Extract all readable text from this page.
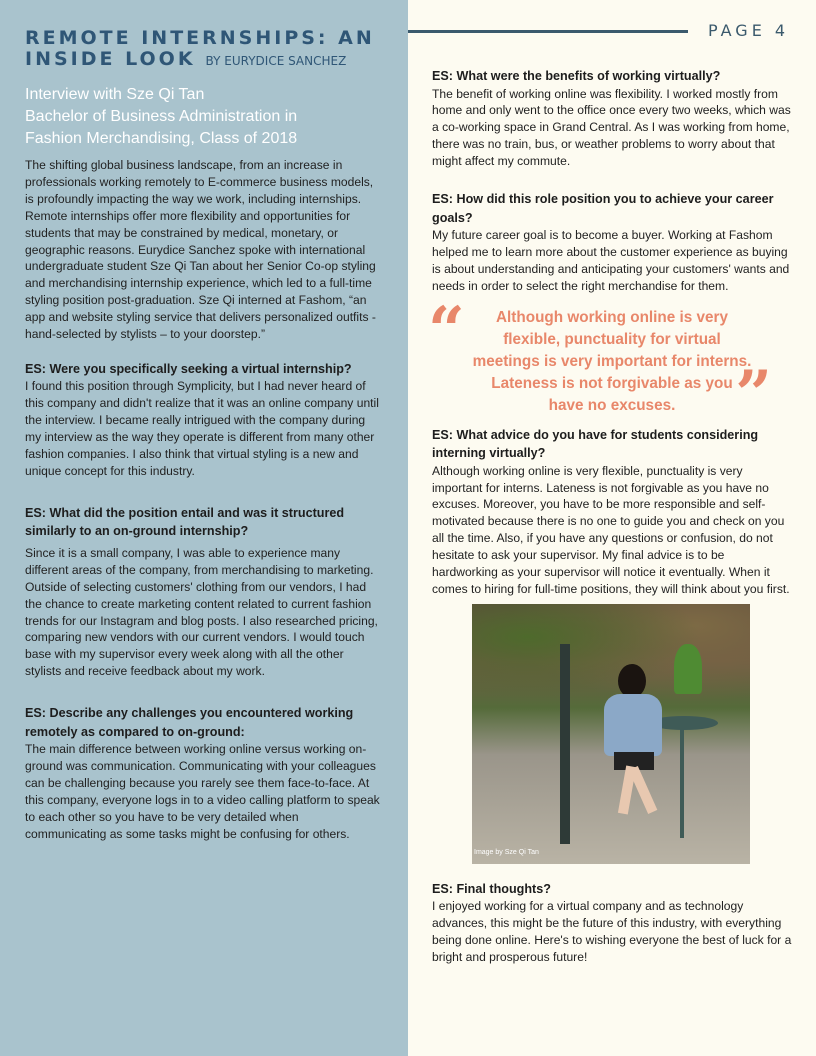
REMOTE INTERNSHIPS: AN INSIDE LOOK BY EURYDICE SANCHEZ
Interview with Sze Qi Tan
Bachelor of Business Administration in
Fashion Merchandising, Class of 2018

The shifting global business landscape, from an increase in professionals working remotely to E-commerce business models, is profoundly impacting the way we work, including internships. Remote internships offer more flexibility and opportunities for students that may be constrained by medical, monetary, or geographic reasons. Eurydice Sanchez spoke with international undergraduate student Sze Qi Tan about her Senior Co-op styling and merchandising internship experience, which led to a full-time styling position post-graduation. Sze Qi interned at Fashom, “an app and website styling service that delivers personalized outfits - hand-selected by stylists – to your doorstep.”

ES: Were you specifically seeking a virtual internship?

I found this position through Symplicity, but I had never heard of this company and didn't realize that it was an online company until the interview. I became really intrigued with the company during my interview as the way they operate is different from many other fashion companies. I also think that virtual styling is a new and unique concept for this industry.

ES: What did the position entail and was it structured similarly to an on-ground internship?

Since it is a small company, I was able to experience many different areas of the company, from merchandising to marketing. Outside of selecting customers' clothing from our vendors, I had the chance to create marketing content related to current fashion trends for our Instagram and blog posts. I also researched pricing, comparing new vendors with our current vendors. I would touch base with my supervisor every week along with all the other stylists and receive feedback about my work.

ES: Describe any challenges you encountered working remotely as compared to on-ground:

The main difference between working online versus working on-ground was communication. Communicating with your colleagues can be challenging because you rarely see them face-to-face. At this company, everyone logs in to a video calling platform to speak to each other so you have to be very detailed when communicating as some tasks might be confusing for others.

PAGE 4

ES: What were the benefits of working virtually?

The benefit of working online was flexibility. I worked mostly from home and only went to the office once every two weeks, which was a co-working space in Grand Central. As I was working from home, there was no train, bus, or weather problems to worry about that might affect my commute.

ES: How did this role position you to achieve your career goals?

My future career goal is to become a buyer. Working at Fashom helped me to learn more about the customer experience as buying is about understanding and anticipating your customers' wants and needs in order to select the right merchandise for them.

“ Although working online is very flexible, punctuality for virtual meetings is very important for interns. Lateness is not forgivable as you have no excuses. ”

ES: What advice do you have for students considering interning virtually?

Although working online is very flexible, punctuality is very important for interns. Lateness is not forgivable as you have no excuses. Moreover, you have to be more responsible and self-motivated because there is no one to guide you and check on you all the time. Also, if you have any questions or confusion, do not hesitate to ask your supervisor. My final advice is to be hardworking as your supervisor will notice it eventually. When it comes to hiring for full-time positions, they will think about you first.

Image by Sze Qi Tan

ES: Final thoughts?

I enjoyed working for a virtual company and as technology advances, this might be the future of this industry, with everything being done online. Here's to wishing everyone the best of luck for a bright and prosperous future!
